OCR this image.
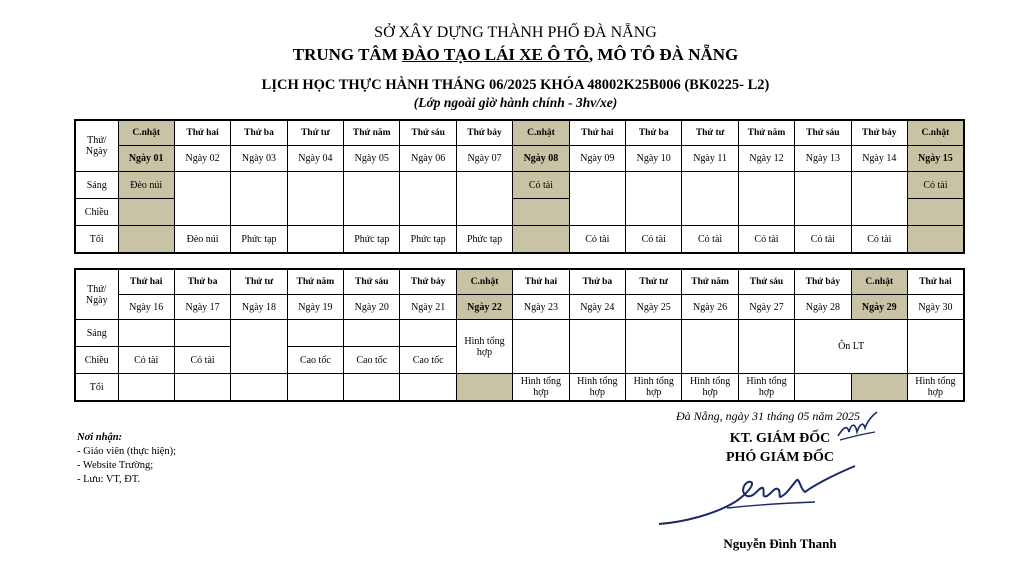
SỞ XÂY DỰNG THÀNH PHỐ ĐÀ NẴNG
TRUNG TÂM ĐÀO TẠO LÁI XE Ô TÔ, MÔ TÔ ĐÀ NẴNG
LỊCH HỌC THỰC HÀNH THÁNG 06/2025 KHÓA 48002K25B006 (BK0225- L2)
(Lớp ngoài giờ hành chính - 3hv/xe)
Thứ/ Ngày	C.nhật	Thứ hai	Thứ ba	Thứ tư	Thứ năm	Thứ sáu	Thứ bảy	C.nhật	Thứ hai	Thứ ba	Thứ tư	Thứ năm	Thứ sáu	Thứ bảy	C.nhật
	Ngày 01	Ngày 02	Ngày 03	Ngày 04	Ngày 05	Ngày 06	Ngày 07	Ngày 08	Ngày 09	Ngày 10	Ngày 11	Ngày 12	Ngày 13	Ngày 14	Ngày 15
Sáng	Đèo núi							Cỏ tài							Cỏ tài
Chiều															
Tối		Đèo núi	Phức tạp		Phức tạp	Phức tạp	Phức tạp		Cỏ tài	Cỏ tài	Cỏ tài	Cỏ tài	Cỏ tài	Cỏ tài	
Thứ/ Ngày	Thứ hai	Thứ ba	Thứ tư	Thứ năm	Thứ sáu	Thứ bảy	C.nhật	Thứ hai	Thứ ba	Thứ tư	Thứ năm	Thứ sáu	Thứ bảy	C.nhật	Thứ hai
	Ngày 16	Ngày 17	Ngày 18	Ngày 19	Ngày 20	Ngày 21	Ngày 22	Ngày 23	Ngày 24	Ngày 25	Ngày 26	Ngày 27	Ngày 28	Ngày 29	Ngày 30
Sáng							Hình tổng hợp						Ôn LT		
Chiều	Cỏ tài	Cỏ tài		Cao tốc	Cao tốc	Cao tốc									
Tối								Hình tổng hợp	Hình tổng hợp	Hình tổng hợp	Hình tổng hợp	Hình tổng hợp			Hình tổng hợp
Đà Nẵng, ngày 31 tháng 05 năm 2025
Nơi nhận:
- Giáo viên (thực hiện);
- Website Trường;
- Lưu: VT, ĐT.
KT. GIÁM ĐỐC
PHÓ GIÁM ĐỐC
Nguyễn Đình Thanh
